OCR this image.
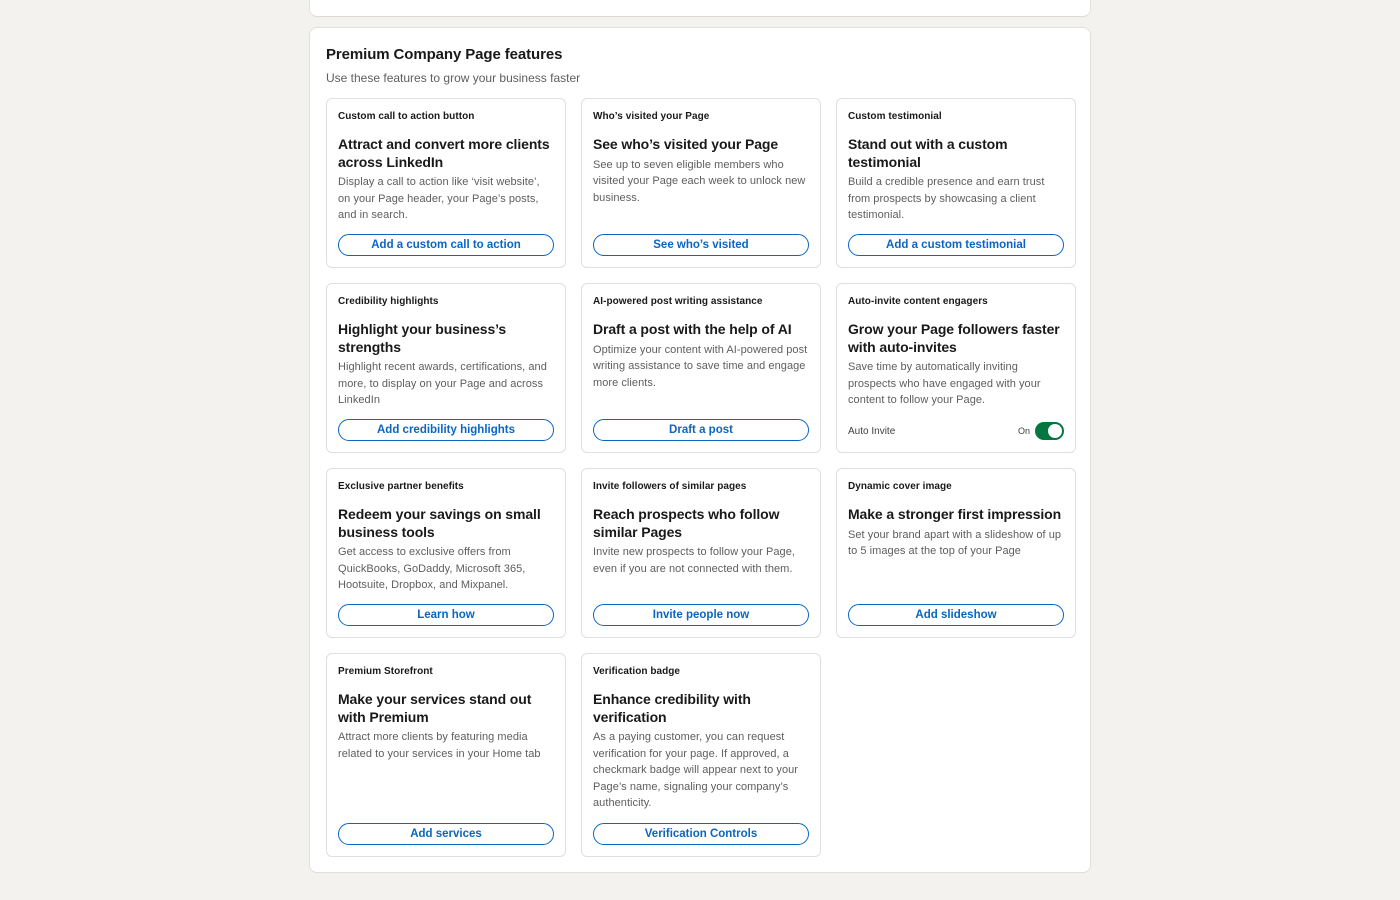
Premium Company Page features

Use these features to grow your business faster

Custom call to action button
Attract and convert more clients across LinkedIn
Display a call to action like ‘visit website’, on your Page header, your Page’s posts, and in search.
Add a custom call to action
Who’s visited your Page
See who’s visited your Page
See up to seven eligible members who visited your Page each week to unlock new business.
See who’s visited
Custom testimonial
Stand out with a custom testimonial
Build a credible presence and earn trust from prospects by showcasing a client testimonial.
Add a custom testimonial
Credibility highlights
Highlight your business’s strengths
Highlight recent awards, certifications, and more, to display on your Page and across LinkedIn
Add credibility highlights
AI-powered post writing assistance
Draft a post with the help of AI
Optimize your content with AI-powered post writing assistance to save time and engage more clients.
Draft a post
Auto-invite content engagers
Grow your Page followers faster with auto-invites
Save time by automatically inviting prospects who have engaged with your content to follow your Page.
Auto Invite	On
Exclusive partner benefits
Redeem your savings on small business tools
Get access to exclusive offers from QuickBooks, GoDaddy, Microsoft 365, Hootsuite, Dropbox, and Mixpanel.
Learn how
Invite followers of similar pages
Reach prospects who follow similar Pages
Invite new prospects to follow your Page, even if you are not connected with them.
Invite people now
Dynamic cover image
Make a stronger first impression
Set your brand apart with a slideshow of up to 5 images at the top of your Page
Add slideshow
Premium Storefront
Make your services stand out with Premium
Attract more clients by featuring media related to your services in your Home tab
Add services
Verification badge
Enhance credibility with verification
As a paying customer, you can request verification for your page. If approved, a checkmark badge will appear next to your Page’s name, signaling your company’s authenticity.
Verification Controls
